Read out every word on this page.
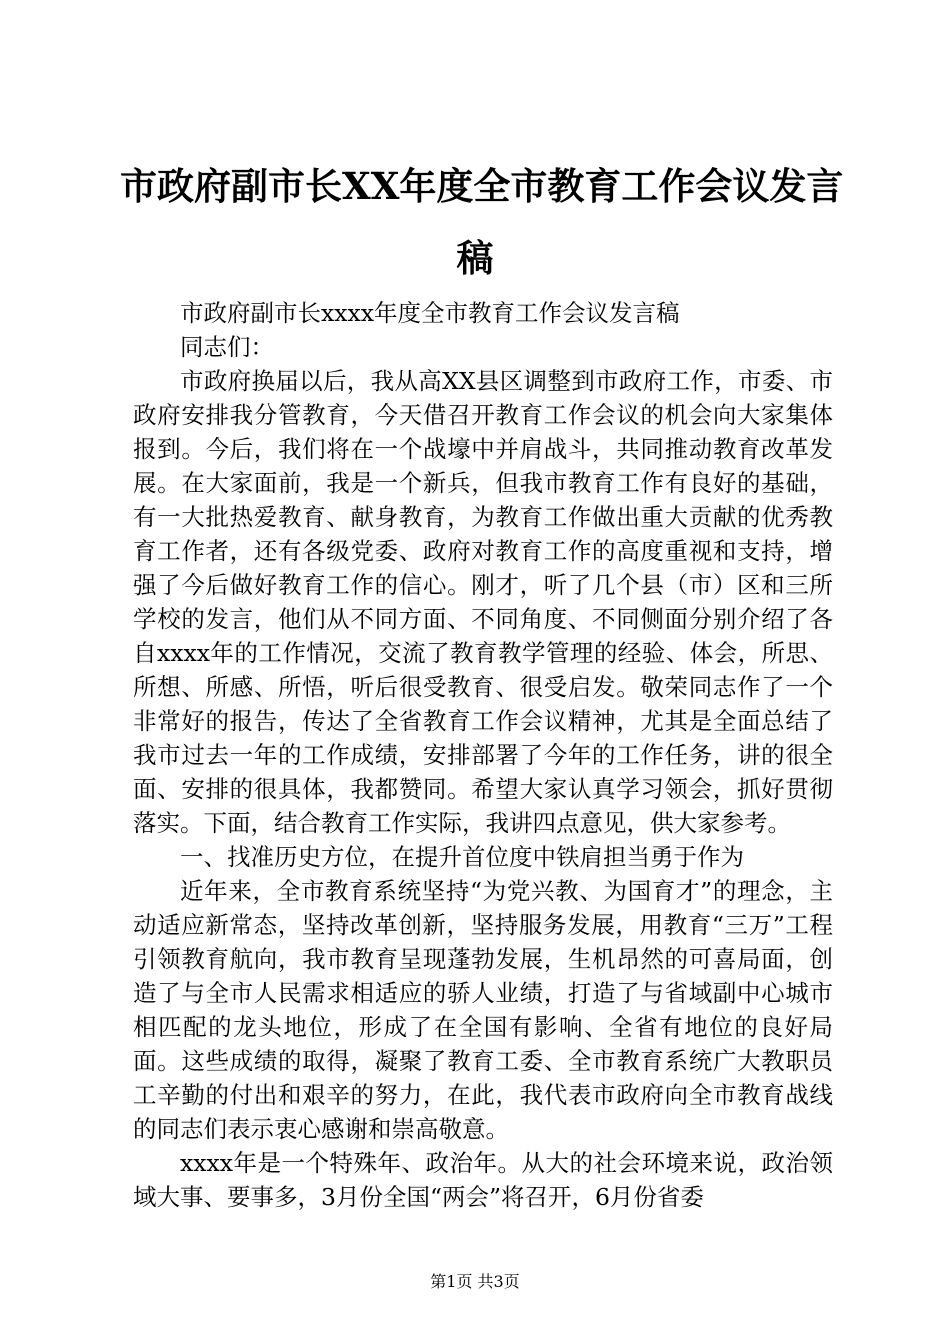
市政府副市长XX年度全市教育工作会议发言
稿

市政府副市长xxxx年度全市教育工作会议发言稿

同志们：

市政府换届以后，我从高XX县区调整到市政府工作，市委、市政府安排我分管教育，今天借召开教育工作会议的机会向大家集体报到。今后，我们将在一个战壕中并肩战斗，共同推动教育改革发展。在大家面前，我是一个新兵，但我市教育工作有良好的基础，有一大批热爱教育、献身教育，为教育工作做出重大贡献的优秀教育工作者，还有各级党委、政府对教育工作的高度重视和支持，增强了今后做好教育工作的信心。刚才，听了几个县（市）区和三所学校的发言，他们从不同方面、不同角度、不同侧面分别介绍了各自xxxx年的工作情况，交流了教育教学管理的经验、体会，所思、所想、所感、所悟，听后很受教育、很受启发。敬荣同志作了一个非常好的报告，传达了全省教育工作会议精神，尤其是全面总结了我市过去一年的工作成绩，安排部署了今年的工作任务，讲的很全面、安排的很具体，我都赞同。希望大家认真学习领会，抓好贯彻落实。下面，结合教育工作实际，我讲四点意见，供大家参考。

一、找准历史方位，在提升首位度中铁肩担当勇于作为

近年来，全市教育系统坚持“为党兴教、为国育才”的理念，主动适应新常态，坚持改革创新，坚持服务发展，用教育“三万”工程引领教育航向，我市教育呈现蓬勃发展，生机昂然的可喜局面，创造了与全市人民需求相适应的骄人业绩，打造了与省域副中心城市相匹配的龙头地位，形成了在全国有影响、全省有地位的良好局面。这些成绩的取得，凝聚了教育工委、全市教育系统广大教职员工辛勤的付出和艰辛的努力，在此，我代表市政府向全市教育战线的同志们表示衷心感谢和崇高敬意。

xxxx年是一个特殊年、政治年。从大的社会环境来说，政治领域大事、要事多，3月份全国“两会”将召开，6月份省委

第1页 共3页
